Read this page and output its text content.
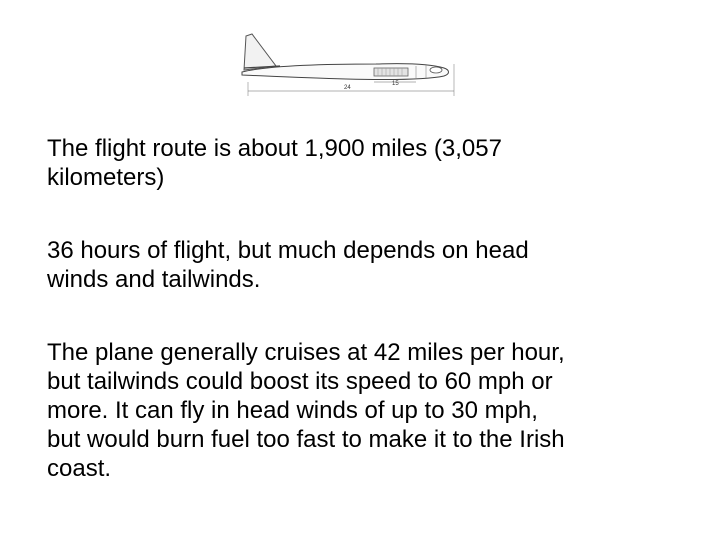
15
24

The flight route is about 1,900 miles (3,057
kilometers)

36 hours of flight, but much depends on head
winds and tailwinds.

The plane generally cruises at 42 miles per hour,
but tailwinds could boost its speed to 60 mph or
more. It can fly in head winds of up to 30 mph,
but would burn fuel too fast to make it to the Irish
coast.
